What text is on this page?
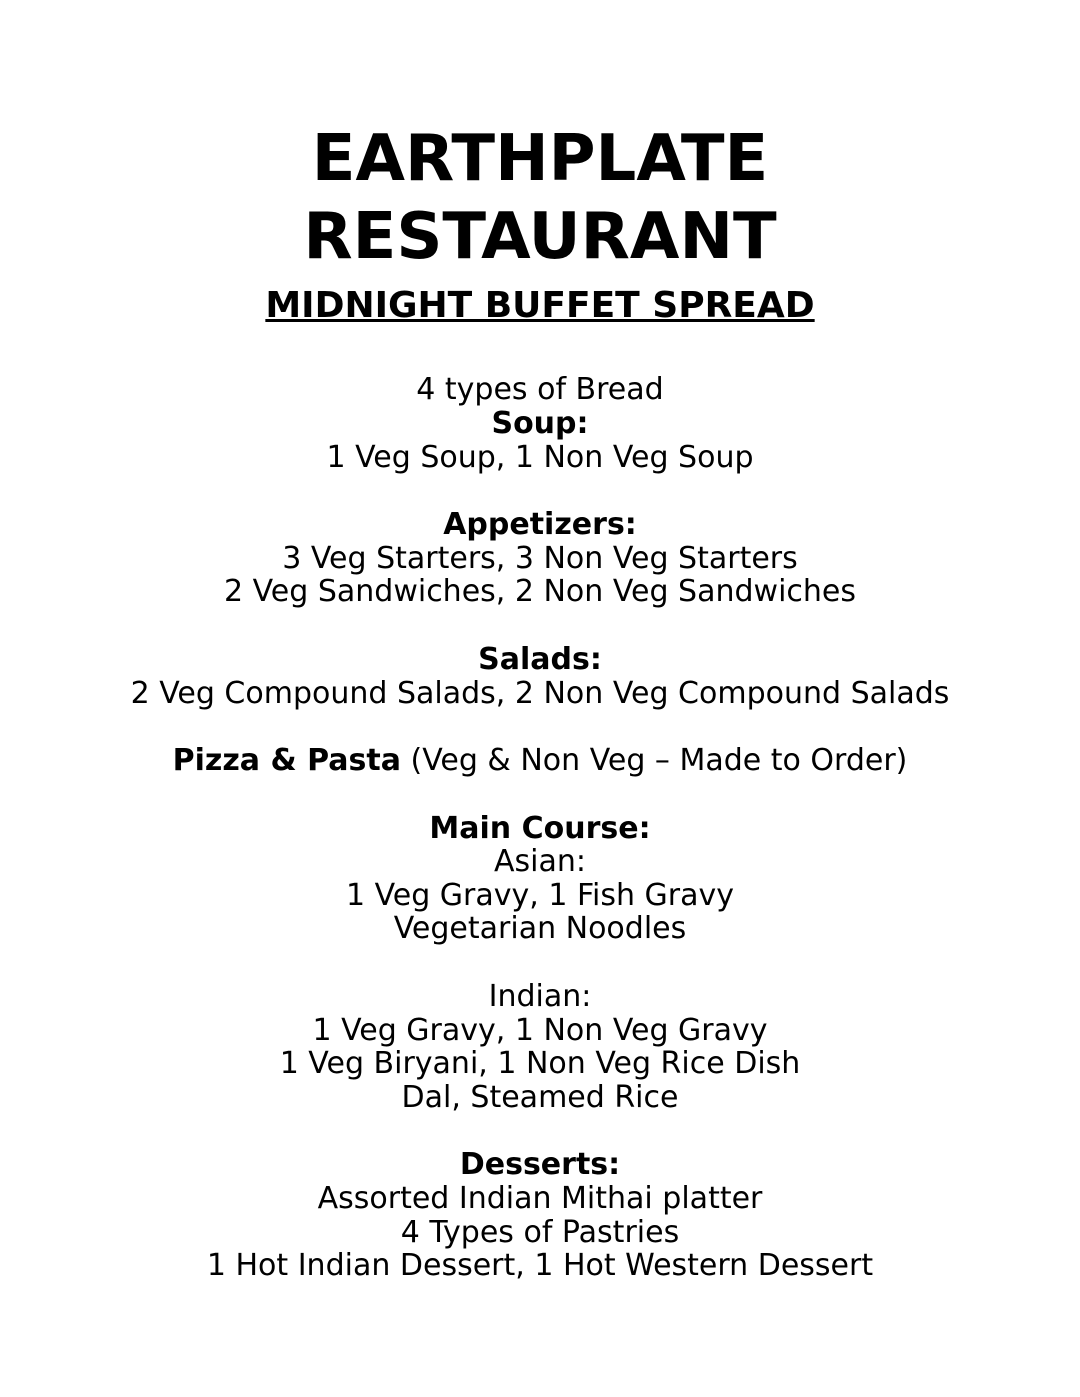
EARTHPLATE
RESTAURANT
MIDNIGHT BUFFET SPREAD

4 types of Bread

Soup:

1 Veg Soup, 1 Non Veg Soup

Appetizers:

3 Veg Starters, 3 Non Veg Starters

2 Veg Sandwiches, 2 Non Veg Sandwiches

Salads:

2 Veg Compound Salads, 2 Non Veg Compound Salads

Pizza & Pasta (Veg & Non Veg – Made to Order)

Main Course:

Asian:

1 Veg Gravy, 1 Fish Gravy

Vegetarian Noodles

Indian:

1 Veg Gravy, 1 Non Veg Gravy

1 Veg Biryani, 1 Non Veg Rice Dish

Dal, Steamed Rice

Desserts:

Assorted Indian Mithai platter

4 Types of Pastries

1 Hot Indian Dessert, 1 Hot Western Dessert
